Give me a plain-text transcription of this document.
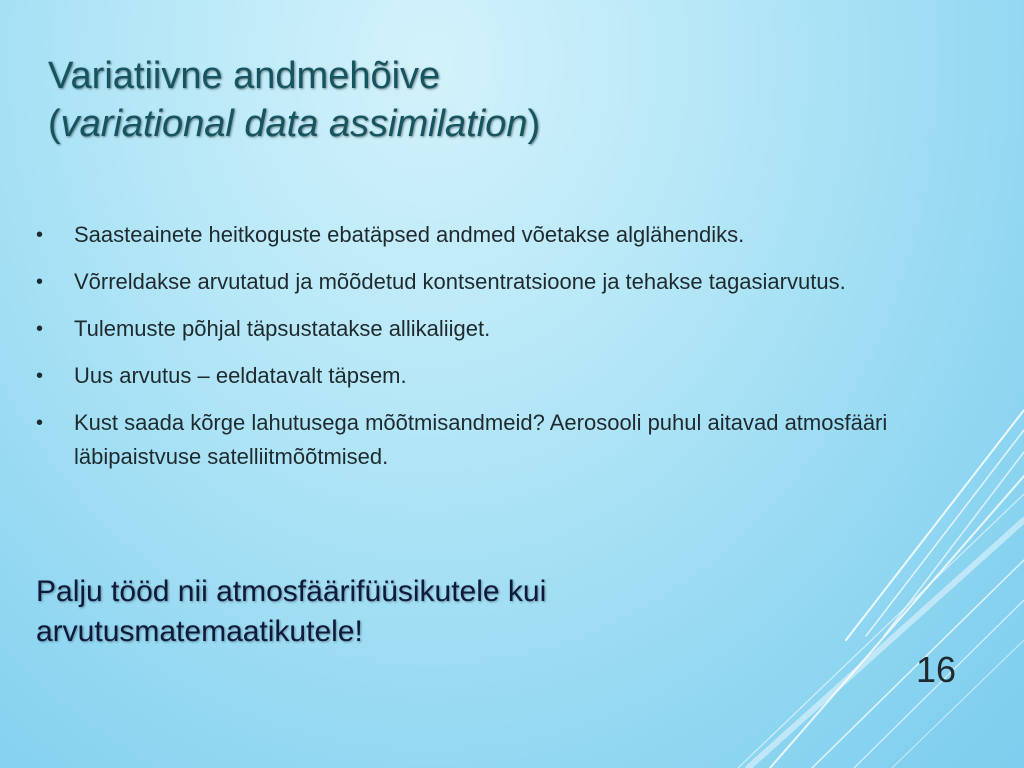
Variatiivne andmehõive
(variational data assimilation)
• Saasteainete heitkoguste ebatäpsed andmed võetakse alglähendiks.
• Võrreldakse arvutatud ja mõõdetud kontsentratsioone ja tehakse tagasiarvutus.
• Tulemuste põhjal täpsustatakse allikaliiget.
• Uus arvutus – eeldatavalt täpsem.
• Kust saada kõrge lahutusega mõõtmisandmeid? Aerosooli puhul aitavad atmosfääri läbipaistvuse satelliitmõõtmised.

Palju tööd nii atmosfäärifüüsikutele kui arvutusmatemaatikutele!

16
